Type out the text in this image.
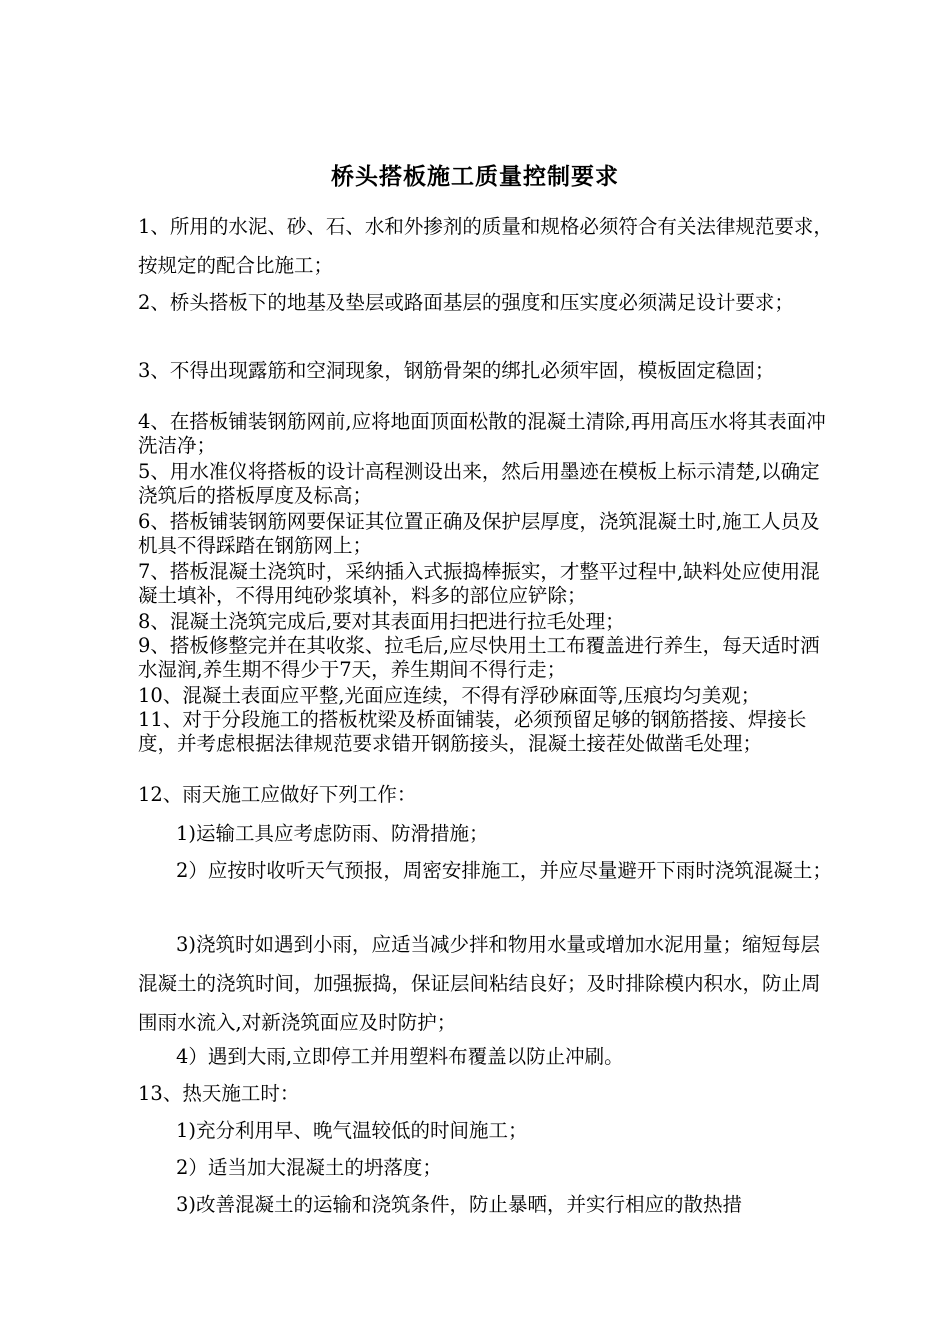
桥头搭板施工质量控制要求

1、所用的水泥、砂、石、水和外掺剂的质量和规格必须符合有关法律规范要求，按规定的配合比施工；

2、桥头搭板下的地基及垫层或路面基层的强度和压实度必须满足设计要求；

3、不得出现露筋和空洞现象，钢筋骨架的绑扎必须牢固，模板固定稳固；

4、在搭板铺装钢筋网前,应将地面顶面松散的混凝土清除,再用高压水将其表面冲洗洁净；

5、用水准仪将搭板的设计高程测设出来，然后用墨迹在模板上标示清楚,以确定浇筑后的搭板厚度及标高；

6、搭板铺装钢筋网要保证其位置正确及保护层厚度，浇筑混凝土时,施工人员及机具不得踩踏在钢筋网上；

7、搭板混凝土浇筑时，采纳插入式振捣棒振实，才整平过程中,缺料处应使用混凝土填补，不得用纯砂浆填补，料多的部位应铲除；

8、混凝土浇筑完成后,要对其表面用扫把进行拉毛处理；

9、搭板修整完并在其收浆、拉毛后,应尽快用土工布覆盖进行养生，每天适时洒水湿润,养生期不得少于7天，养生期间不得行走；

10、混凝土表面应平整,光面应连续，不得有浮砂麻面等,压痕均匀美观；

11、对于分段施工的搭板枕梁及桥面铺装，必须预留足够的钢筋搭接、焊接长度，并考虑根据法律规范要求错开钢筋接头，混凝土接茬处做凿毛处理；

12、雨天施工应做好下列工作：

1)运输工具应考虑防雨、防滑措施；

2）应按时收听天气预报，周密安排施工，并应尽量避开下雨时浇筑混凝土；

3)浇筑时如遇到小雨，应适当减少拌和物用水量或增加水泥用量；缩短每层混凝土的浇筑时间，加强振捣，保证层间粘结良好；及时排除模内积水，防止周围雨水流入,对新浇筑面应及时防护；

4）遇到大雨,立即停工并用塑料布覆盖以防止冲刷。

13、热天施工时：

1)充分利用早、晚气温较低的时间施工；

2）适当加大混凝土的坍落度；

3)改善混凝土的运输和浇筑条件，防止暴晒，并实行相应的散热措
